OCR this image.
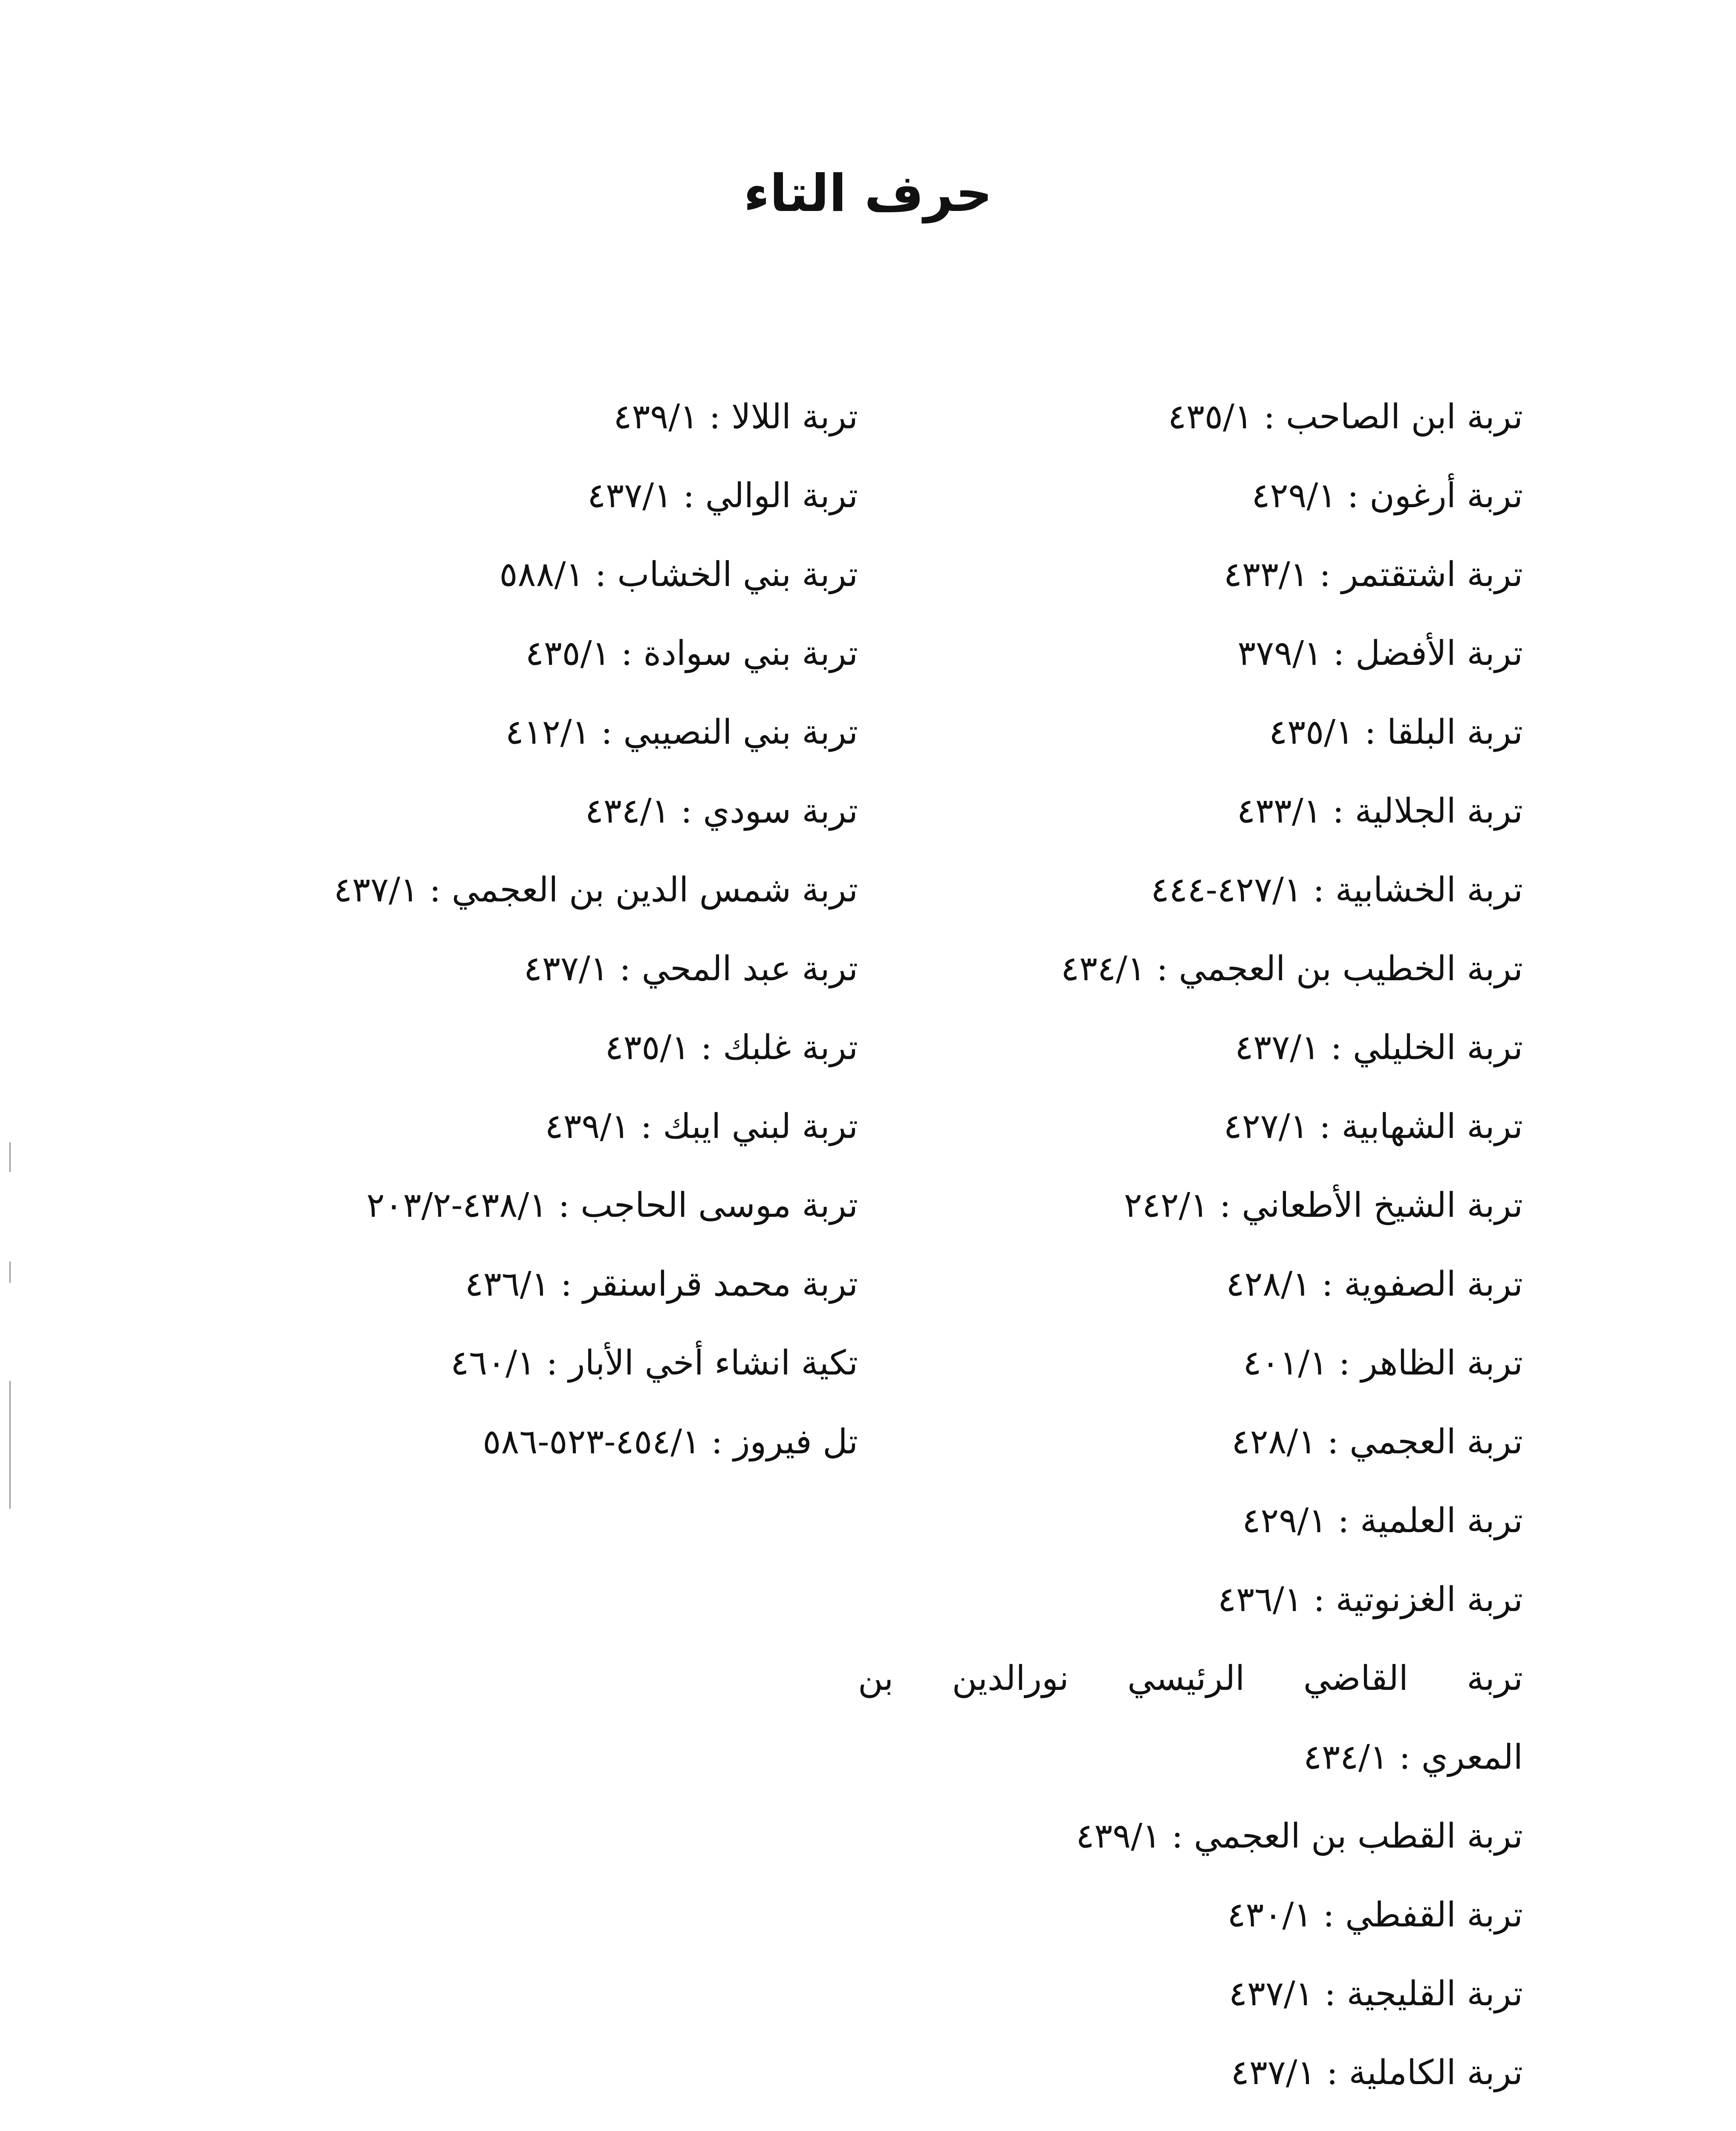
حرف التاء
تربة ابن الصاحب : ٤٣٥/١
تربة أرغون : ٤٢٩/١
تربة اشتقتمر : ٤٣٣/١
تربة الأفضل : ٣٧٩/١
تربة البلقا : ٤٣٥/١
تربة الجلالية : ٤٣٣/١
تربة الخشابية : ٤٢٧/١-٤٤٤
تربة الخطيب بن العجمي : ٤٣٤/١
تربة الخليلي : ٤٣٧/١
تربة الشهابية : ٤٢٧/١
تربة الشيخ الأطعاني : ٢٤٢/١
تربة الصفوية : ٤٢٨/١
تربة الظاهر : ٤٠١/١
تربة العجمي : ٤٢٨/١
تربة العلمية : ٤٢٩/١
تربة الغزنوتية : ٤٣٦/١
تربة القاضي الرئيسي نورالدين بن
المعري : ٤٣٤/١
تربة القطب بن العجمي : ٤٣٩/١
تربة القفطي : ٤٣٠/١
تربة القليجية : ٤٣٧/١
تربة الكاملية : ٤٣٧/١
تربة اللالا : ٤٣٩/١
تربة الوالي : ٤٣٧/١
تربة بني الخشاب : ٥٨٨/١
تربة بني سوادة : ٤٣٥/١
تربة بني النصيبي : ٤١٢/١
تربة سودي : ٤٣٤/١
تربة شمس الدين بن العجمي : ٤٣٧/١
تربة عبد المحي : ٤٣٧/١
تربة غلبك : ٤٣٥/١
تربة لبني ايبك : ٤٣٩/١
تربة موسى الحاجب : ٤٣٨/١-٢٠٣/٢
تربة محمد قراسنقر : ٤٣٦/١
تكية انشاء أخي الأبار : ٤٦٠/١
تل فيروز : ٤٥٤/١-٥٢٣-٥٨٦
